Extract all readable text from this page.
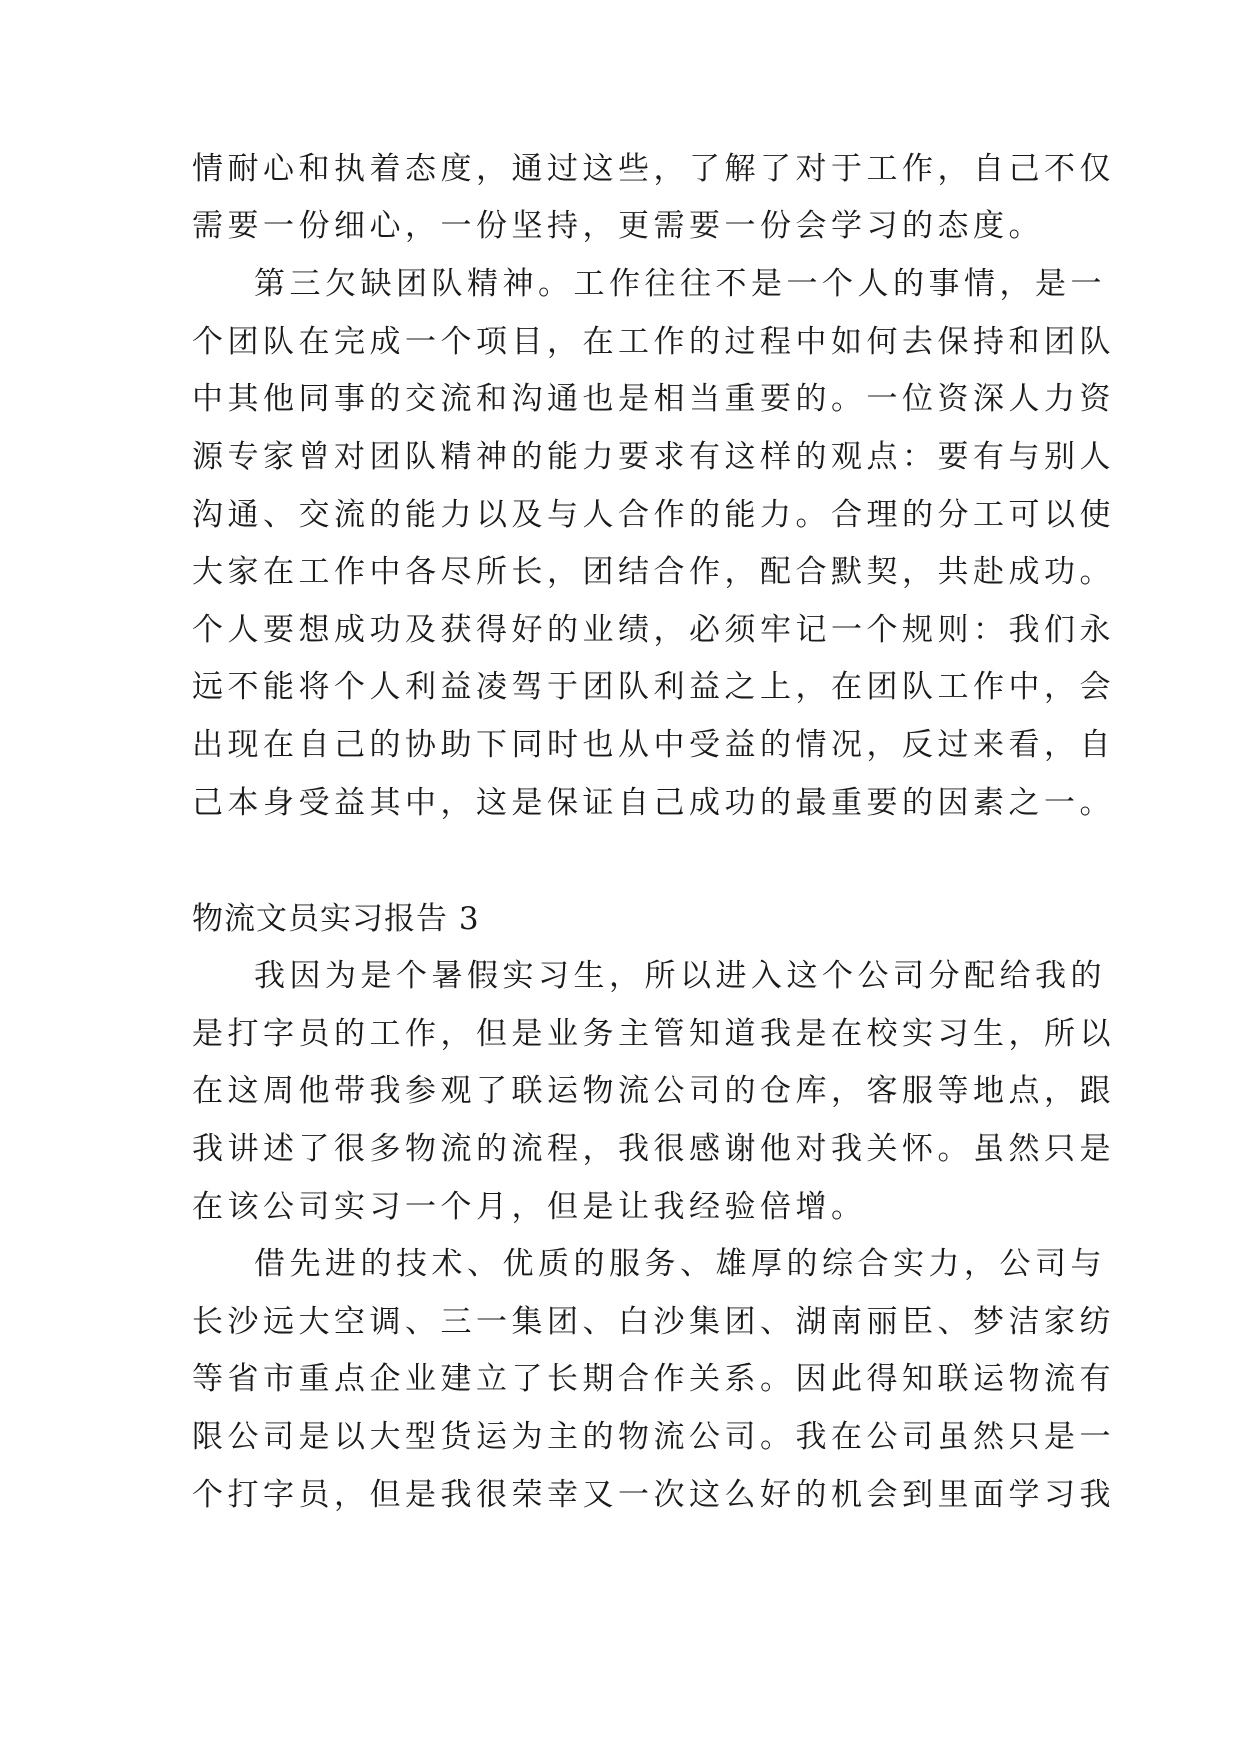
情耐心和执着态度，通过这些，了解了对于工作，自己不仅
需要一份细心，一份坚持，更需要一份会学习的态度。
第三欠缺团队精神。工作往往不是一个人的事情，是一
个团队在完成一个项目，在工作的过程中如何去保持和团队
中其他同事的交流和沟通也是相当重要的。一位资深人力资
源专家曾对团队精神的能力要求有这样的观点：要有与别人
沟通、交流的能力以及与人合作的能力。合理的分工可以使
大家在工作中各尽所长，团结合作，配合默契，共赴成功。
个人要想成功及获得好的业绩，必须牢记一个规则：我们永
远不能将个人利益凌驾于团队利益之上，在团队工作中，会
出现在自己的协助下同时也从中受益的情况，反过来看，自
己本身受益其中，这是保证自己成功的最重要的因素之一。
物流文员实习报告 3
我因为是个暑假实习生，所以进入这个公司分配给我的
是打字员的工作，但是业务主管知道我是在校实习生，所以
在这周他带我参观了联运物流公司的仓库，客服等地点，跟
我讲述了很多物流的流程，我很感谢他对我关怀。虽然只是
在该公司实习一个月，但是让我经验倍增。
借先进的技术、优质的服务、雄厚的综合实力，公司与
长沙远大空调、三一集团、白沙集团、湖南丽臣、梦洁家纺
等省市重点企业建立了长期合作关系。因此得知联运物流有
限公司是以大型货运为主的物流公司。我在公司虽然只是一
个打字员，但是我很荣幸又一次这么好的机会到里面学习我
